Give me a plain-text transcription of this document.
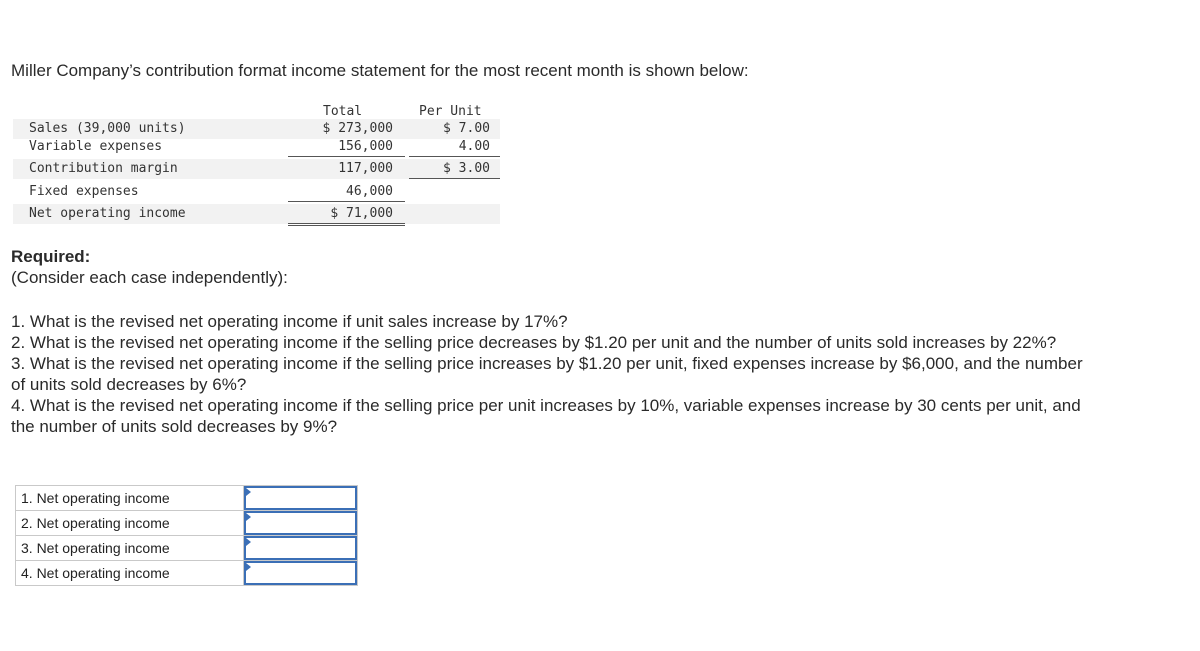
Miller Company’s contribution format income statement for the most recent month is shown below:
Total	Per Unit
Sales (39,000 units)	$ 273,000	$ 7.00
Variable expenses	156,000	4.00
Contribution margin	117,000	$ 3.00
Fixed expenses	46,000
Net operating income	$ 71,000
Required:
(Consider each case independently):

1. What is the revised net operating income if unit sales increase by 17%?

2. What is the revised net operating income if the selling price decreases by $1.20 per unit and the number of units sold increases by 22%?

3. What is the revised net operating income if the selling price increases by $1.20 per unit, fixed expenses increase by $6,000, and the number of units sold decreases by 6%?

4. What is the revised net operating income if the selling price per unit increases by 10%, variable expenses increase by 30 cents per unit, and the number of units sold decreases by 9%?

1. Net operating income	

2. Net operating income	

3. Net operating income	

4. Net operating income	
